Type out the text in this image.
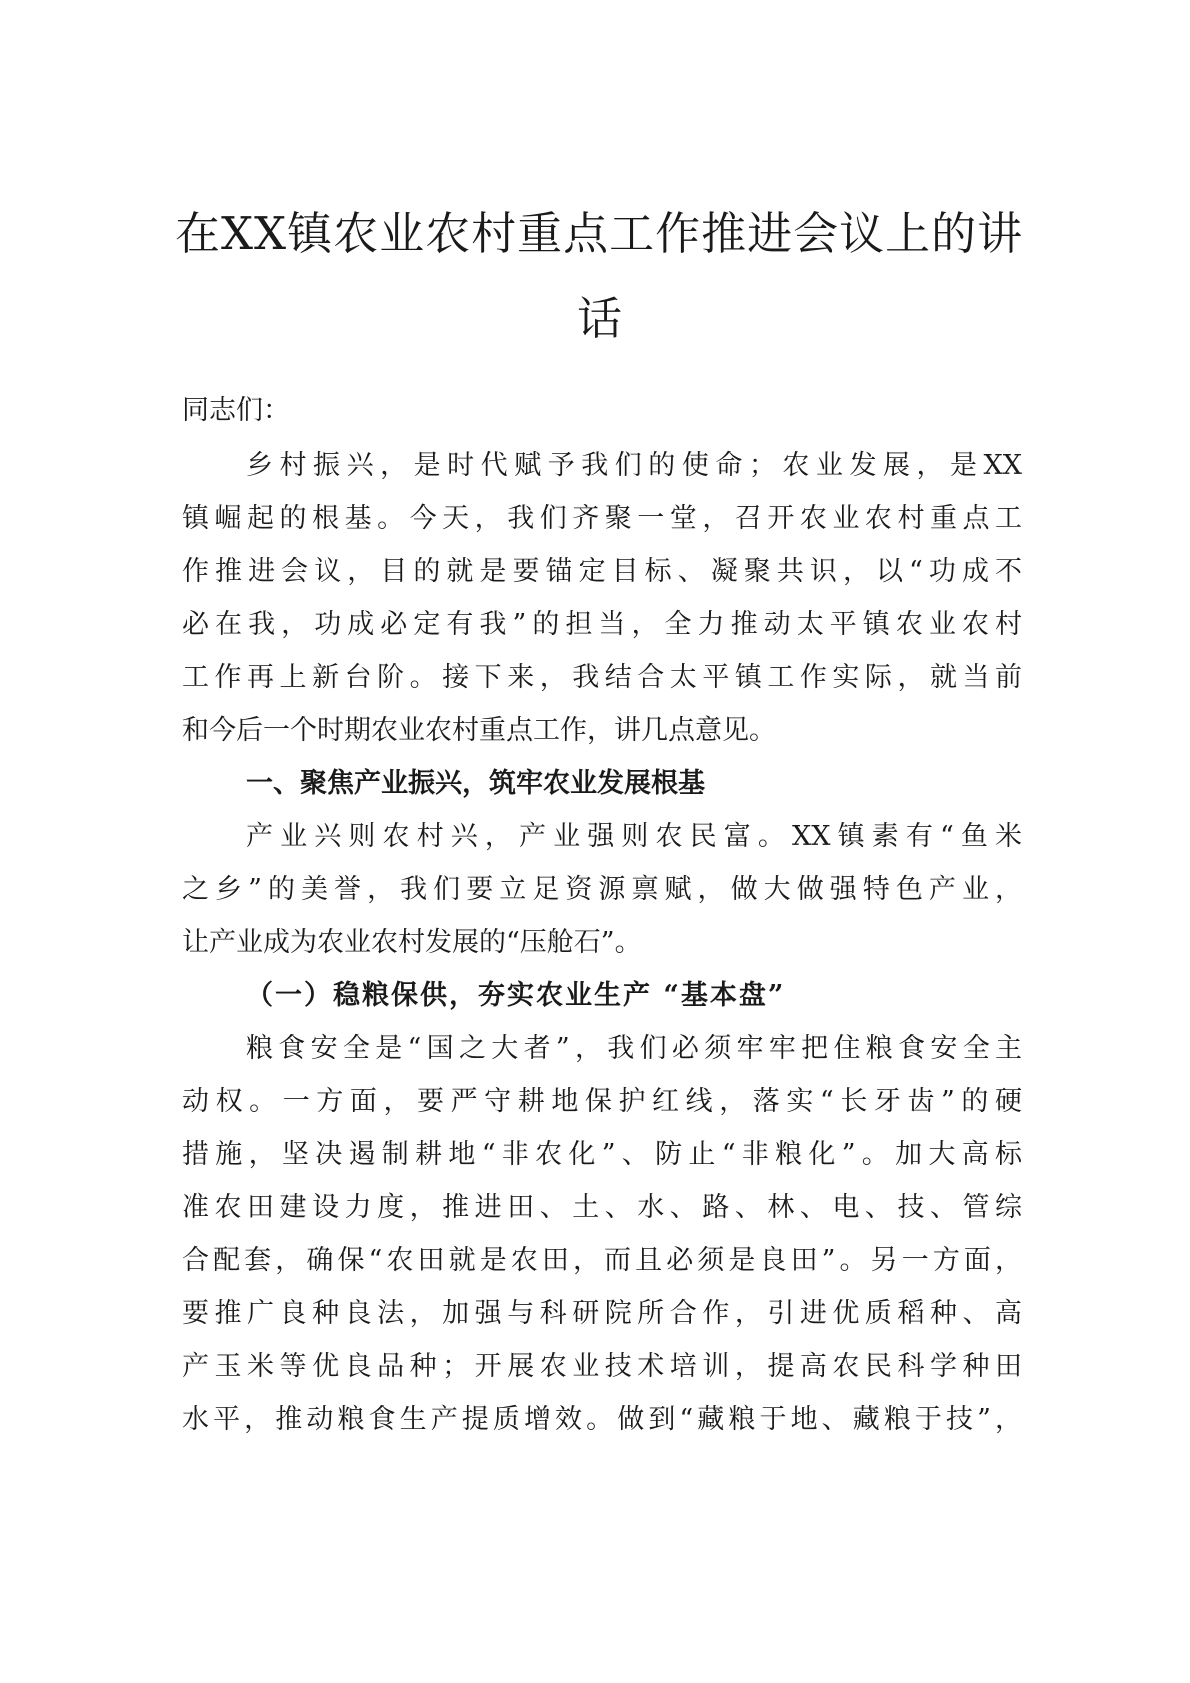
在XX镇农业农村重点工作推进会议上的讲
话

同志们：

乡村振兴，是时代赋予我们的使命；农业发展，是XX

镇崛起的根基。今天，我们齐聚一堂，召开农业农村重点工

作推进会议，目的就是要锚定目标、凝聚共识，以“功成不

必在我，功成必定有我”的担当，全力推动太平镇农业农村

工作再上新台阶。接下来，我结合太平镇工作实际，就当前

和今后一个时期农业农村重点工作，讲几点意见。

一、聚焦产业振兴，筑牢农业发展根基

产业兴则农村兴，产业强则农民富。XX镇素有“鱼米

之乡”的美誉，我们要立足资源禀赋，做大做强特色产业，

让产业成为农业农村发展的“压舱石”。

（一）稳粮保供，夯实农业生产 “基本盘”

粮食安全是“国之大者”，我们必须牢牢把住粮食安全主

动权。一方面，要严守耕地保护红线，落实“长牙齿”的硬

措施，坚决遏制耕地“非农化”、防止“非粮化”。加大高标

准农田建设力度，推进田、土、水、路、林、电、技、管综

合配套，确保“农田就是农田，而且必须是良田”。另一方面，

要推广良种良法，加强与科研院所合作，引进优质稻种、高

产玉米等优良品种；开展农业技术培训，提高农民科学种田

水平，推动粮食生产提质增效。做到“藏粮于地、藏粮于技”，
